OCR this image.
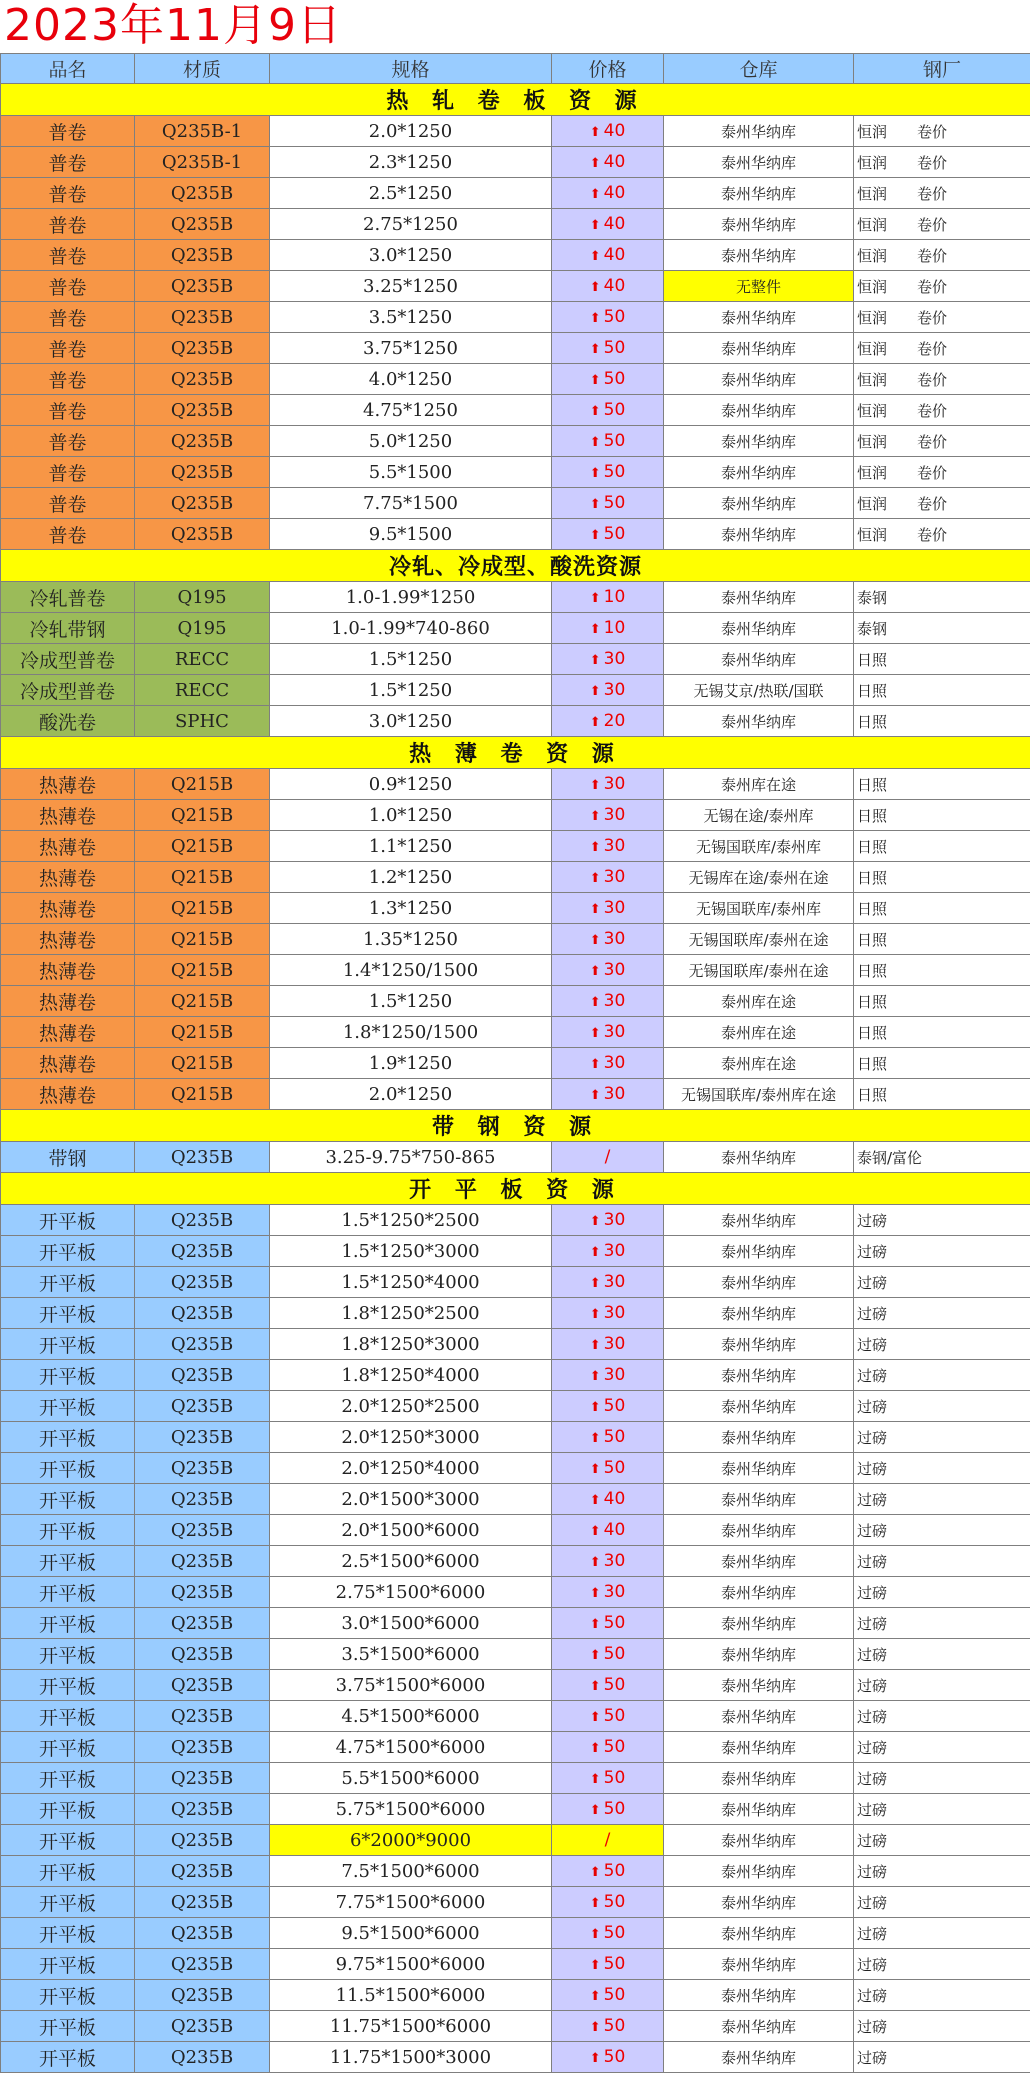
2023年11月9日
品名	材质	规格	价格	仓库	钢厂
热 轧 卷 板 资 源					
普卷	Q235B-1	2.0*1250	⬆ 40	泰州华纳库	恒润　　卷价
普卷	Q235B-1	2.3*1250	⬆ 40	泰州华纳库	恒润　　卷价
普卷	Q235B	2.5*1250	⬆ 40	泰州华纳库	恒润　　卷价
普卷	Q235B	2.75*1250	⬆ 40	泰州华纳库	恒润　　卷价
普卷	Q235B	3.0*1250	⬆ 40	泰州华纳库	恒润　　卷价
普卷	Q235B	3.25*1250	⬆ 40	无整件	恒润　　卷价
普卷	Q235B	3.5*1250	⬆ 50	泰州华纳库	恒润　　卷价
普卷	Q235B	3.75*1250	⬆ 50	泰州华纳库	恒润　　卷价
普卷	Q235B	4.0*1250	⬆ 50	泰州华纳库	恒润　　卷价
普卷	Q235B	4.75*1250	⬆ 50	泰州华纳库	恒润　　卷价
普卷	Q235B	5.0*1250	⬆ 50	泰州华纳库	恒润　　卷价
普卷	Q235B	5.5*1500	⬆ 50	泰州华纳库	恒润　　卷价
普卷	Q235B	7.75*1500	⬆ 50	泰州华纳库	恒润　　卷价
普卷	Q235B	9.5*1500	⬆ 50	泰州华纳库	恒润　　卷价
冷轧、冷成型、酸洗资源					
冷轧普卷	Q195	1.0-1.99*1250	⬆ 10	泰州华纳库	泰钢
冷轧带钢	Q195	1.0-1.99*740-860	⬆ 10	泰州华纳库	泰钢
冷成型普卷	RECC	1.5*1250	⬆ 30	泰州华纳库	日照
冷成型普卷	RECC	1.5*1250	⬆ 30	无锡艾京/热联/国联	日照
酸洗卷	SPHC	3.0*1250	⬆ 20	泰州华纳库	日照
热 薄 卷 资 源					
热薄卷	Q215B	0.9*1250	⬆ 30	泰州库在途	日照
热薄卷	Q215B	1.0*1250	⬆ 30	无锡在途/泰州库	日照
热薄卷	Q215B	1.1*1250	⬆ 30	无锡国联库/泰州库	日照
热薄卷	Q215B	1.2*1250	⬆ 30	无锡库在途/泰州在途	日照
热薄卷	Q215B	1.3*1250	⬆ 30	无锡国联库/泰州库	日照
热薄卷	Q215B	1.35*1250	⬆ 30	无锡国联库/泰州在途	日照
热薄卷	Q215B	1.4*1250/1500	⬆ 30	无锡国联库/泰州在途	日照
热薄卷	Q215B	1.5*1250	⬆ 30	泰州库在途	日照
热薄卷	Q215B	1.8*1250/1500	⬆ 30	泰州库在途	日照
热薄卷	Q215B	1.9*1250	⬆ 30	泰州库在途	日照
热薄卷	Q215B	2.0*1250	⬆ 30	无锡国联库/泰州库在途	日照
带 钢 资 源					
带钢	Q235B	3.25-9.75*750-865	/	泰州华纳库	泰钢/富伦
开 平 板 资 源					
开平板	Q235B	1.5*1250*2500	⬆ 30	泰州华纳库	过磅
开平板	Q235B	1.5*1250*3000	⬆ 30	泰州华纳库	过磅
开平板	Q235B	1.5*1250*4000	⬆ 30	泰州华纳库	过磅
开平板	Q235B	1.8*1250*2500	⬆ 30	泰州华纳库	过磅
开平板	Q235B	1.8*1250*3000	⬆ 30	泰州华纳库	过磅
开平板	Q235B	1.8*1250*4000	⬆ 30	泰州华纳库	过磅
开平板	Q235B	2.0*1250*2500	⬆ 50	泰州华纳库	过磅
开平板	Q235B	2.0*1250*3000	⬆ 50	泰州华纳库	过磅
开平板	Q235B	2.0*1250*4000	⬆ 50	泰州华纳库	过磅
开平板	Q235B	2.0*1500*3000	⬆ 40	泰州华纳库	过磅
开平板	Q235B	2.0*1500*6000	⬆ 40	泰州华纳库	过磅
开平板	Q235B	2.5*1500*6000	⬆ 30	泰州华纳库	过磅
开平板	Q235B	2.75*1500*6000	⬆ 30	泰州华纳库	过磅
开平板	Q235B	3.0*1500*6000	⬆ 50	泰州华纳库	过磅
开平板	Q235B	3.5*1500*6000	⬆ 50	泰州华纳库	过磅
开平板	Q235B	3.75*1500*6000	⬆ 50	泰州华纳库	过磅
开平板	Q235B	4.5*1500*6000	⬆ 50	泰州华纳库	过磅
开平板	Q235B	4.75*1500*6000	⬆ 50	泰州华纳库	过磅
开平板	Q235B	5.5*1500*6000	⬆ 50	泰州华纳库	过磅
开平板	Q235B	5.75*1500*6000	⬆ 50	泰州华纳库	过磅
开平板	Q235B	6*2000*9000	/	泰州华纳库	过磅
开平板	Q235B	7.5*1500*6000	⬆ 50	泰州华纳库	过磅
开平板	Q235B	7.75*1500*6000	⬆ 50	泰州华纳库	过磅
开平板	Q235B	9.5*1500*6000	⬆ 50	泰州华纳库	过磅
开平板	Q235B	9.75*1500*6000	⬆ 50	泰州华纳库	过磅
开平板	Q235B	11.5*1500*6000	⬆ 50	泰州华纳库	过磅
开平板	Q235B	11.75*1500*6000	⬆ 50	泰州华纳库	过磅
开平板	Q235B	11.75*1500*3000	⬆ 50	泰州华纳库	过磅
